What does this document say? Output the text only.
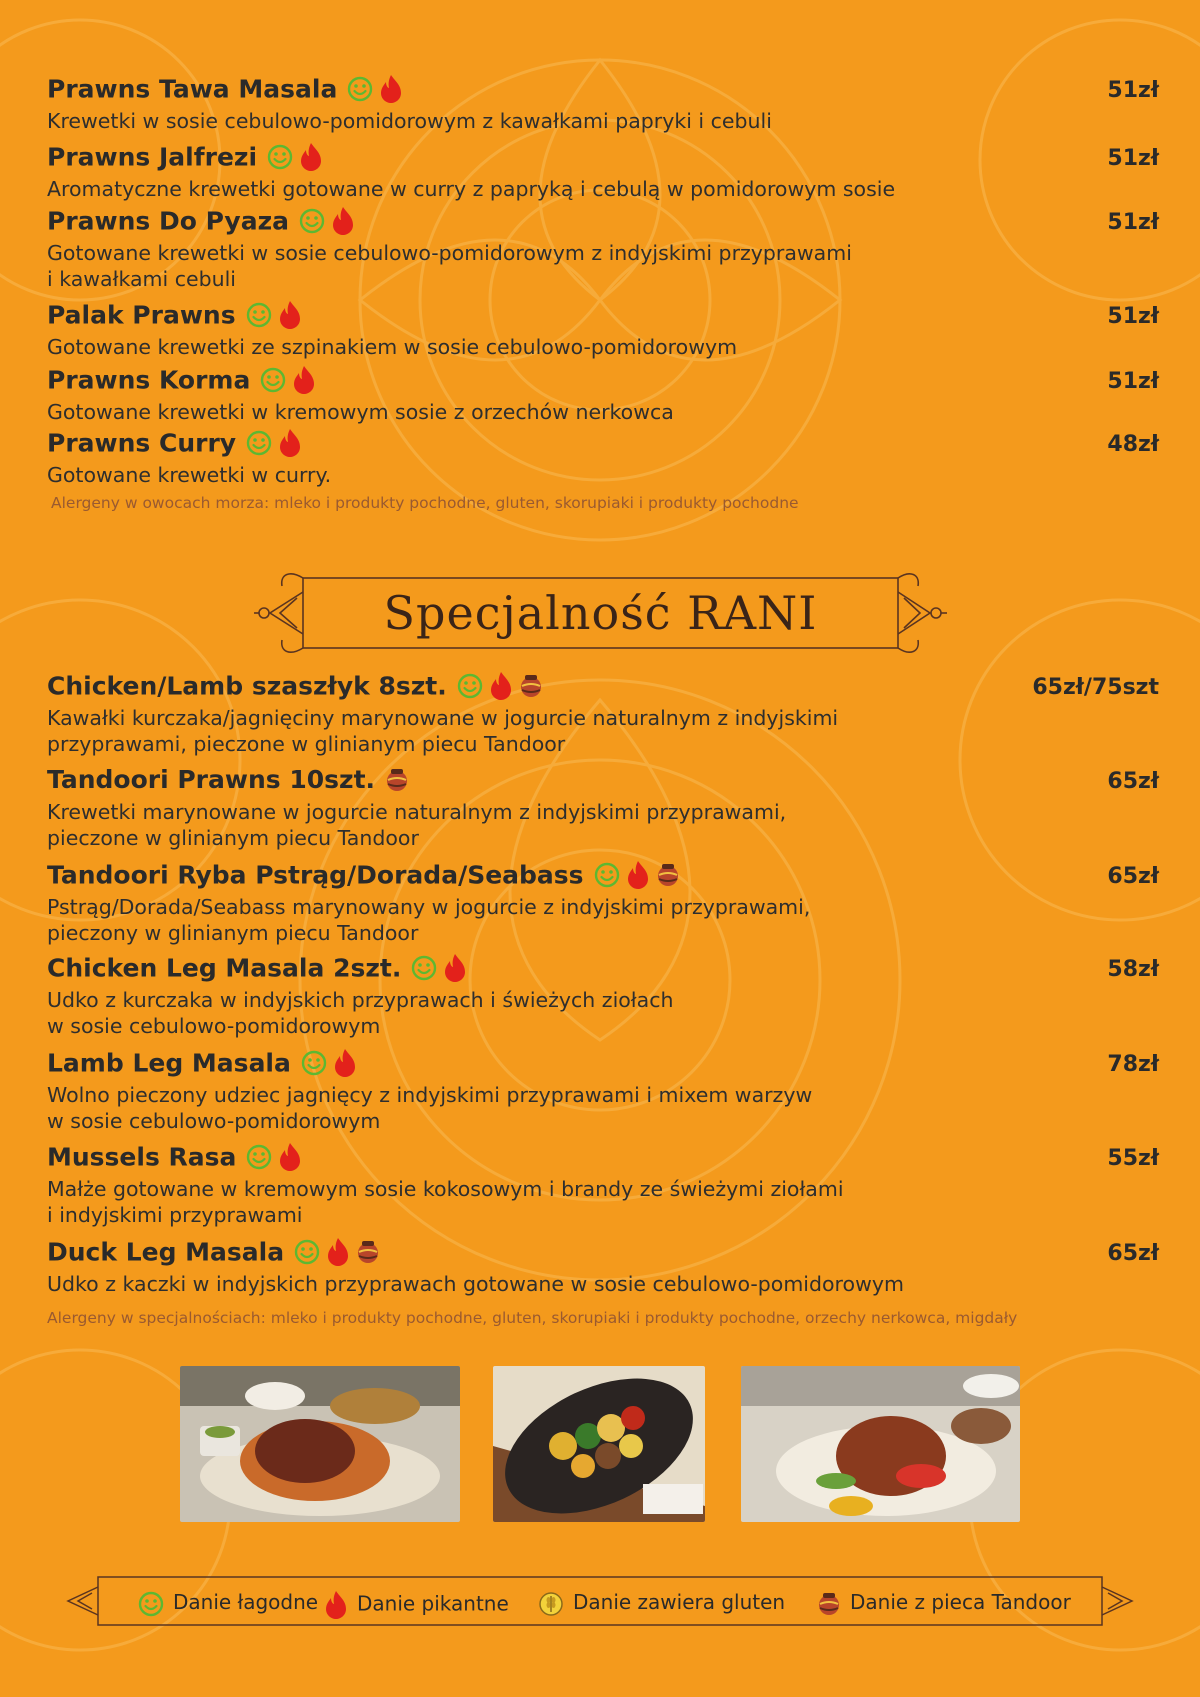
Prawns Tawa Masala	51zł
Krewetki w sosie cebulowo-pomidorowym z kawałkami papryki i cebuli
Prawns Jalfrezi	51zł
Aromatyczne krewetki gotowane w curry z papryką i cebulą w pomidorowym sosie
Prawns Do Pyaza	51zł
Gotowane krewetki w sosie cebulowo-pomidorowym z indyjskimi przyprawami
i kawałkami cebuli
Palak Prawns	51zł
Gotowane krewetki ze szpinakiem w sosie cebulowo-pomidorowym
Prawns Korma	51zł
Gotowane krewetki w kremowym sosie z orzechów nerkowca
Prawns Curry	48zł
Gotowane krewetki w curry.
Alergeny w owocach morza: mleko i produkty pochodne, gluten, skorupiaki i produkty pochodne
Specjalność RANI
Chicken/Lamb szaszłyk 8szt.	65zł/75szt
Kawałki kurczaka/jagnięciny marynowane w jogurcie naturalnym z indyjskimi
przyprawami, pieczone w glinianym piecu Tandoor
Tandoori Prawns 10szt.	65zł
Krewetki marynowane w jogurcie naturalnym z indyjskimi przyprawami,
pieczone w glinianym piecu Tandoor
Tandoori Ryba Pstrąg/Dorada/Seabass	65zł
Pstrąg/Dorada/Seabass marynowany w jogurcie z indyjskimi przyprawami,
pieczony w glinianym piecu Tandoor
Chicken Leg Masala 2szt.	58zł
Udko z kurczaka w indyjskich przyprawach i świeżych ziołach
w sosie cebulowo-pomidorowym
Lamb Leg Masala	78zł
Wolno pieczony udziec jagnięcy z indyjskimi przyprawami i mixem warzyw
w sosie cebulowo-pomidorowym
Mussels Rasa	55zł
Małże gotowane w kremowym sosie kokosowym i brandy ze świeżymi ziołami
i indyjskimi przyprawami
Duck Leg Masala	65zł
Udko z kaczki w indyjskich przyprawach gotowane w sosie cebulowo-pomidorowym
Alergeny w specjalnościach: mleko i produkty pochodne, gluten, skorupiaki i produkty pochodne, orzechy nerkowca, migdały
Danie łagodne	Danie pikantne	Danie zawiera gluten	Danie z pieca Tandoor
